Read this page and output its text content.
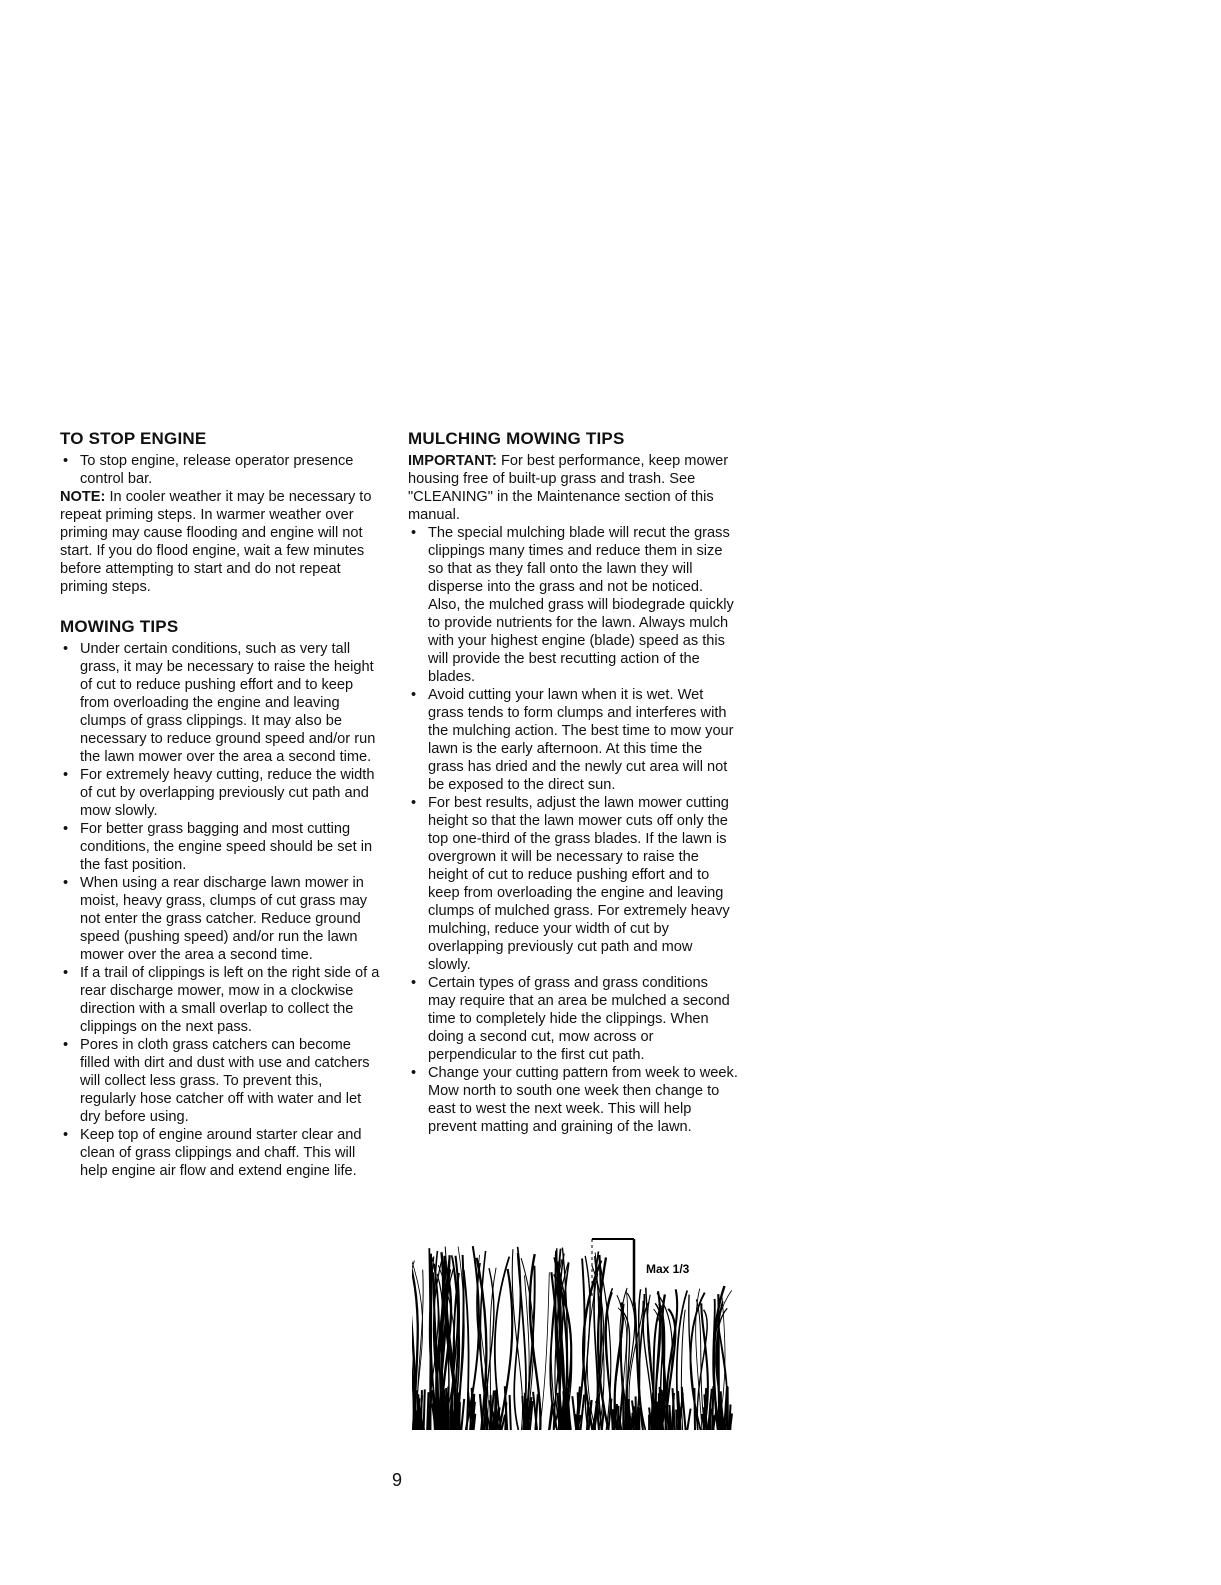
TO STOP ENGINE
• To stop engine, release operator presence control bar.

NOTE: In cooler weather it may be necessary to repeat priming steps. In warmer weather over priming may cause flooding and engine will not start. If you do flood engine, wait a few minutes before attempting to start and do not repeat priming steps.

MOWING TIPS
• Under certain conditions, such as very tall grass, it may be necessary to raise the height of cut to reduce pushing effort and to keep from overloading the engine and leaving clumps of grass clippings. It may also be necessary to reduce ground speed and/or run the lawn mower over the area a second time.
• For extremely heavy cutting, reduce the width of cut by overlapping previously cut path and mow slowly.
• For better grass bagging and most cutting conditions, the engine speed should be set in the fast position.
• When using a rear discharge lawn mower in moist, heavy grass, clumps of cut grass may not enter the grass catcher. Reduce ground speed (pushing speed) and/or run the lawn mower over the area a second time.
• If a trail of clippings is left on the right side of a rear discharge mower, mow in a clockwise direction with a small overlap to collect the clippings on the next pass.
• Pores in cloth grass catchers can become filled with dirt and dust with use and catchers will collect less grass. To prevent this, regularly hose catcher off with water and let dry before using.
• Keep top of engine around starter clear and clean of grass clippings and chaff. This will help engine air flow and extend engine life.
MULCHING MOWING TIPS

IMPORTANT: For best performance, keep mower housing free of built-up grass and trash. See "CLEANING" in the Maintenance section of this manual.

• The special mulching blade will recut the grass clippings many times and reduce them in size so that as they fall onto the lawn they will disperse into the grass and not be noticed. Also, the mulched grass will biodegrade quickly to provide nutrients for the lawn. Always mulch with your highest engine (blade) speed as this will provide the best recutting action of the blades.
• Avoid cutting your lawn when it is wet. Wet grass tends to form clumps and interferes with the mulching action. The best time to mow your lawn is the early afternoon. At this time the grass has dried and the newly cut area will not be exposed to the direct sun.
• For best results, adjust the lawn mower cutting height so that the lawn mower cuts off only the top one-third of the grass blades. If the lawn is overgrown it will be necessary to raise the height of cut to reduce pushing effort and to keep from overloading the engine and leaving clumps of mulched grass. For extremely heavy mulching, reduce your width of cut by overlapping previously cut path and mow slowly.
• Certain types of grass and grass conditions may require that an area be mulched a second time to completely hide the clippings. When doing a second cut, mow across or perpendicular to the first cut path.
• Change your cutting pattern from week to week. Mow north to south one week then change to east to west the next week. This will help prevent matting and graining of the lawn.
Max 1/3
9
